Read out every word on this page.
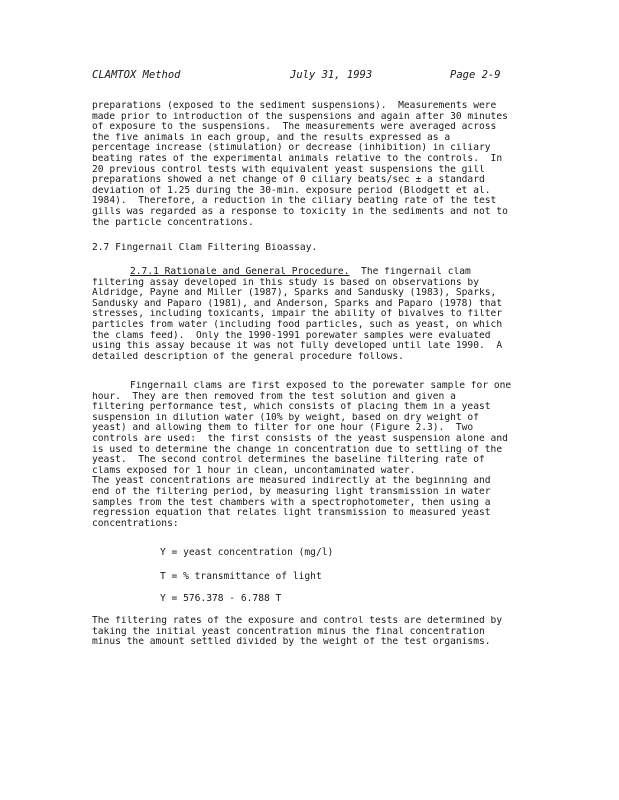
CLAMTOX Method	July 31, 1993	Page 2-9

preparations (exposed to the sediment suspensions).  Measurements were
made prior to introduction of the suspensions and again after 30 minutes
of exposure to the suspensions.  The measurements were averaged across
the five animals in each group, and the results expressed as a
percentage increase (stimulation) or decrease (inhibition) in ciliary
beating rates of the experimental animals relative to the controls.  In
20 previous control tests with equivalent yeast suspensions the gill
preparations showed a net change of 0 ciliary beats/sec ± a standard
deviation of 1.25 during the 30-min. exposure period (Blodgett et al.
1984).  Therefore, a reduction in the ciliary beating rate of the test
gills was regarded as a response to toxicity in the sediments and not to
the particle concentrations.

2.7 Fingernail Clam Filtering Bioassay.

2.7.1 Rationale and General Procedure.  The fingernail clam
filtering assay developed in this study is based on observations by
Aldridge, Payne and Miller (1987), Sparks and Sandusky (1983), Sparks,
Sandusky and Paparo (1981), and Anderson, Sparks and Paparo (1978) that
stresses, including toxicants, impair the ability of bivalves to filter
particles from water (including food particles, such as yeast, on which
the clams feed).  Only the 1990-1991 porewater samples were evaluated
using this assay because it was not fully developed until late 1990.  A
detailed description of the general procedure follows.

Fingernail clams are first exposed to the porewater sample for one
hour.  They are then removed from the test solution and given a
filtering performance test, which consists of placing them in a yeast
suspension in dilution water (10% by weight, based on dry weight of
yeast) and allowing them to filter for one hour (Figure 2.3).  Two
controls are used:  the first consists of the yeast suspension alone and
is used to determine the change in concentration due to settling of the
yeast.  The second control determines the baseline filtering rate of
clams exposed for 1 hour in clean, uncontaminated water.
The yeast concentrations are measured indirectly at the beginning and
end of the filtering period, by measuring light transmission in water
samples from the test chambers with a spectrophotometer, then using a
regression equation that relates light transmission to measured yeast
concentrations:

Y = yeast concentration (mg/l)
T = % transmittance of light
Y = 576.378 - 6.788 T

The filtering rates of the exposure and control tests are determined by
taking the initial yeast concentration minus the final concentration
minus the amount settled divided by the weight of the test organisms.
